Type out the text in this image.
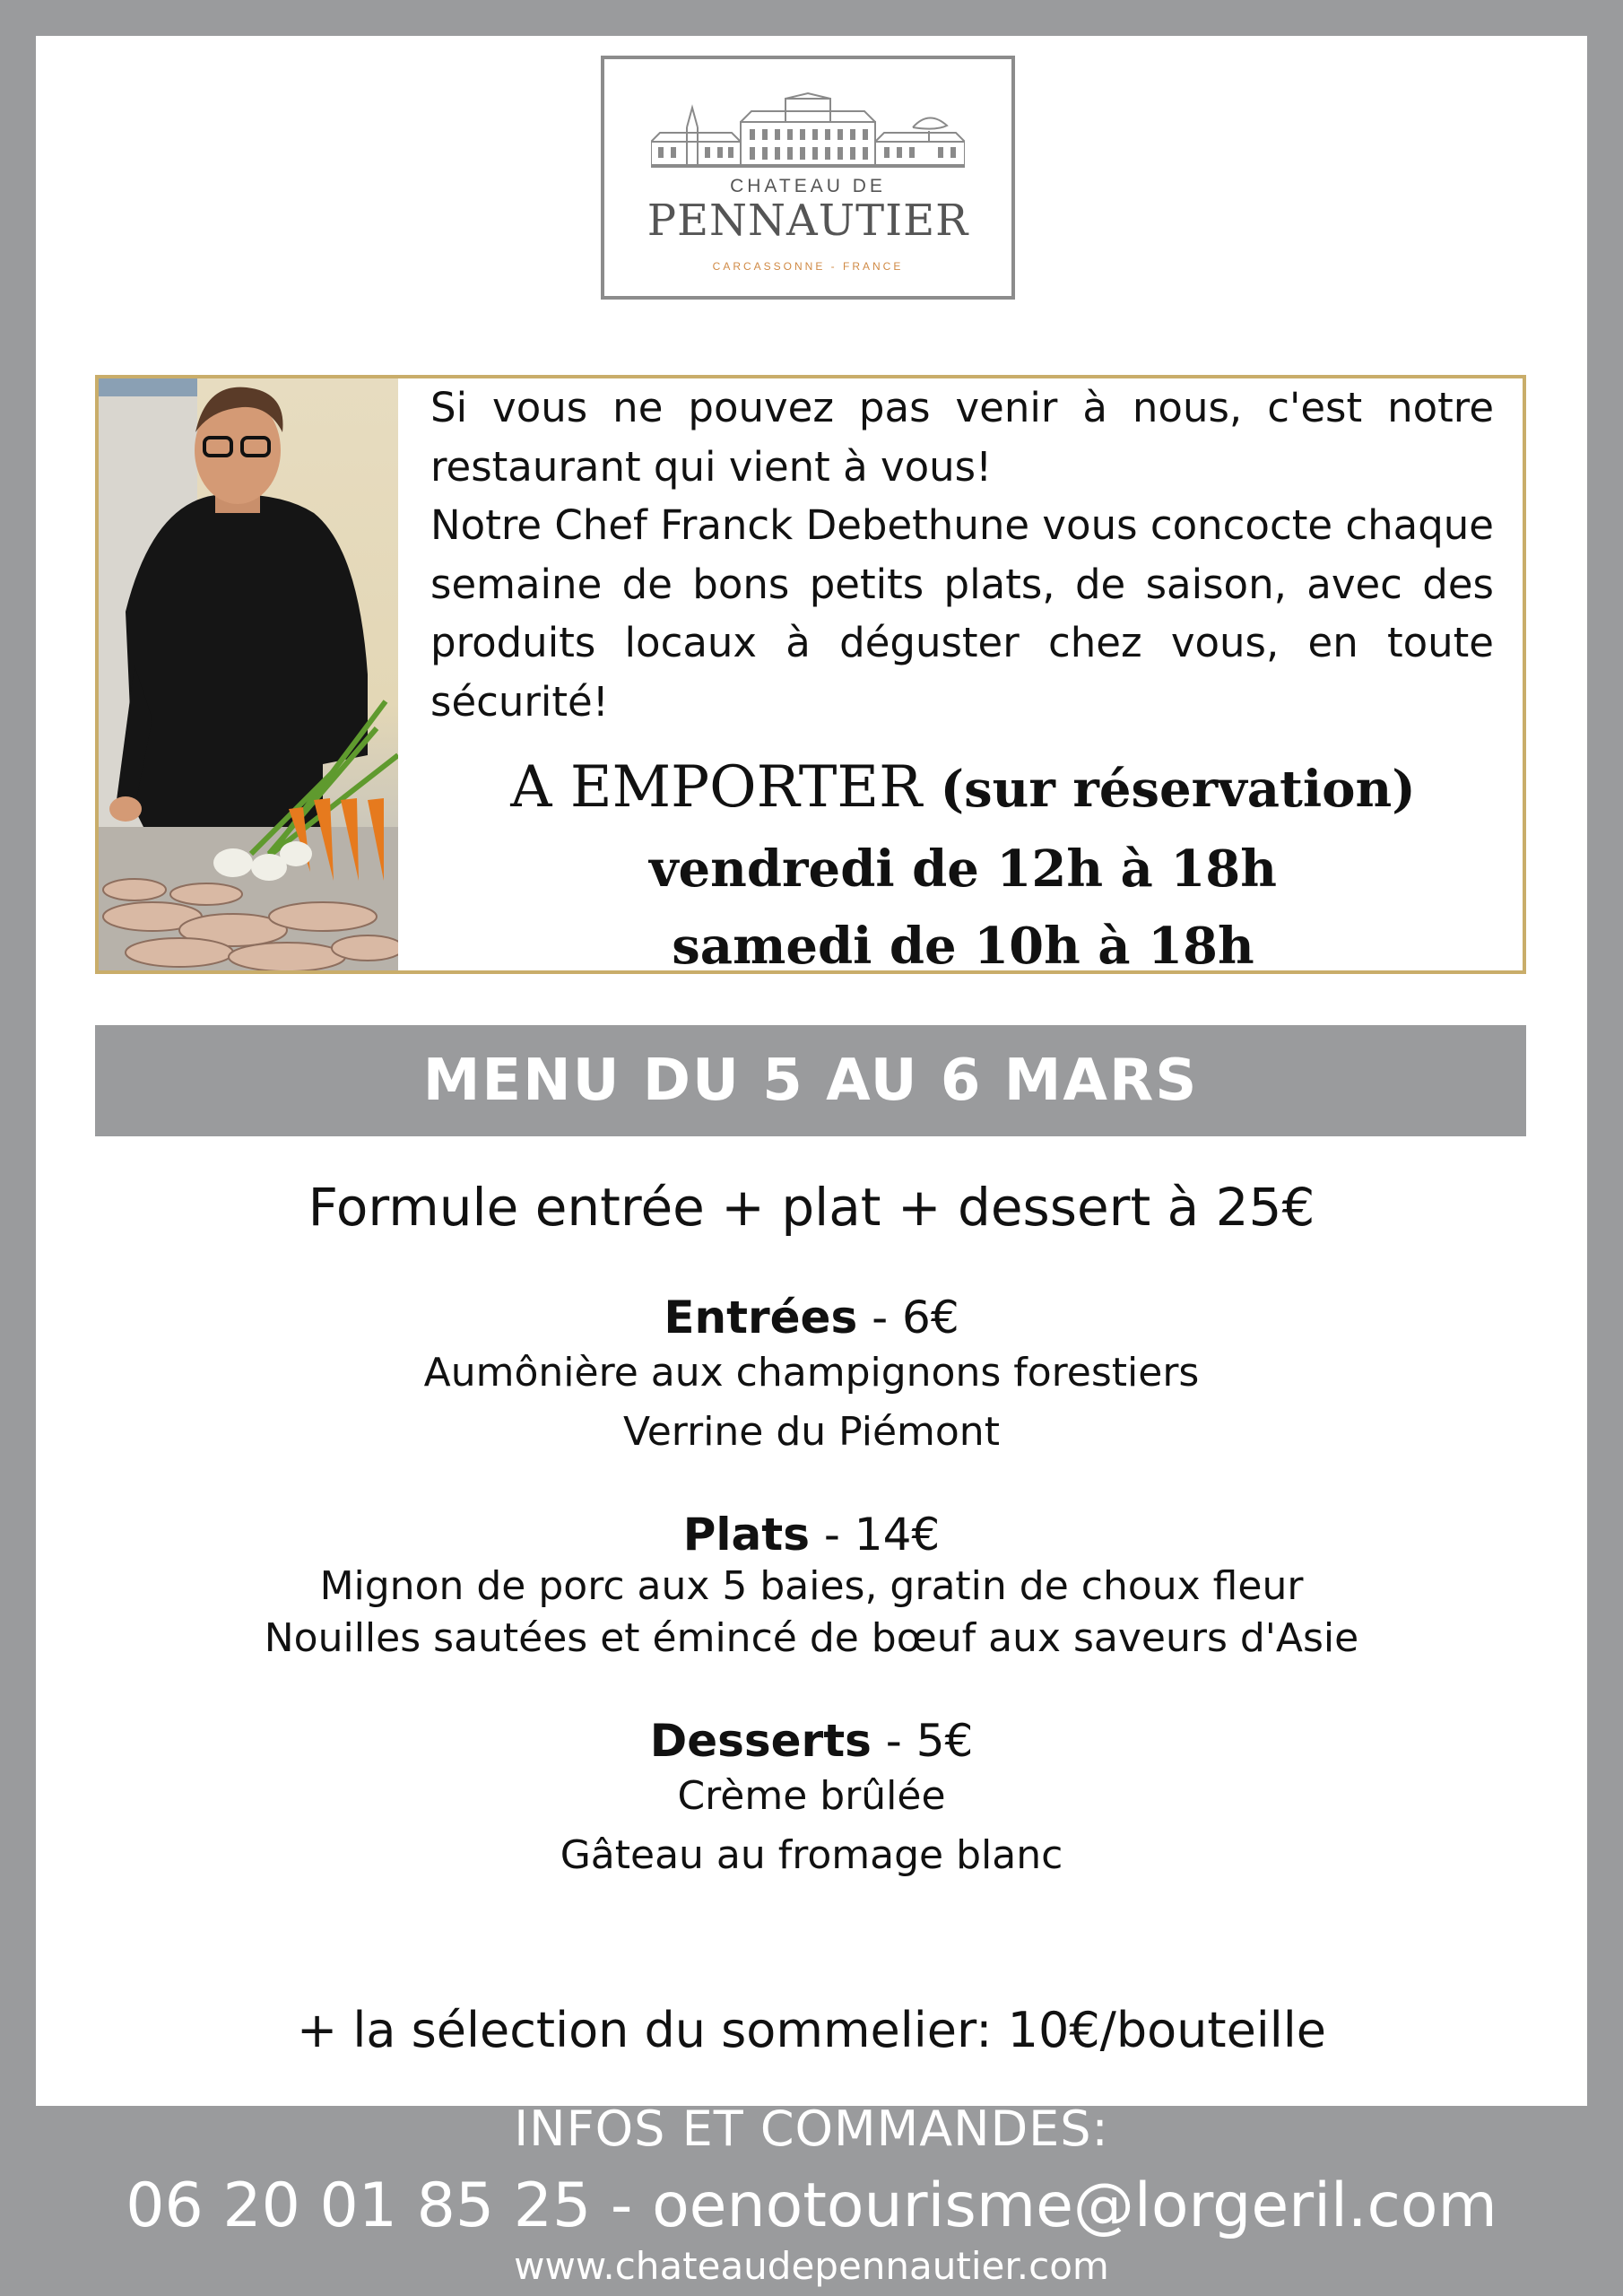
CHATEAU DE
PENNAUTIER
CARCASSONNE - FRANCE

Si vous ne pouvez pas venir à nous, c'est notre restaurant qui vient à vous!

Notre Chef Franck Debethune vous concocte chaque semaine de bons petits plats, de saison, avec des produits locaux à déguster chez vous, en toute sécurité!

A EMPORTER (sur réservation)
vendredi de 12h à 18h
samedi de 10h à 18h
MENU DU 5 AU 6 MARS
Formule entrée + plat + dessert à 25€
Entrées - 6€
Aumônière aux champignons forestiers
Verrine du Piémont
Plats - 14€
Mignon de porc aux 5 baies, gratin de choux fleur
Nouilles sautées et émincé de bœuf aux saveurs d'Asie
Desserts - 5€
Crème brûlée
Gâteau au fromage blanc
+ la sélection du sommelier: 10€/bouteille
INFOS ET COMMANDES:
06 20 01 85 25 - oenotourisme@lorgeril.com
www.chateaudepennautier.com
